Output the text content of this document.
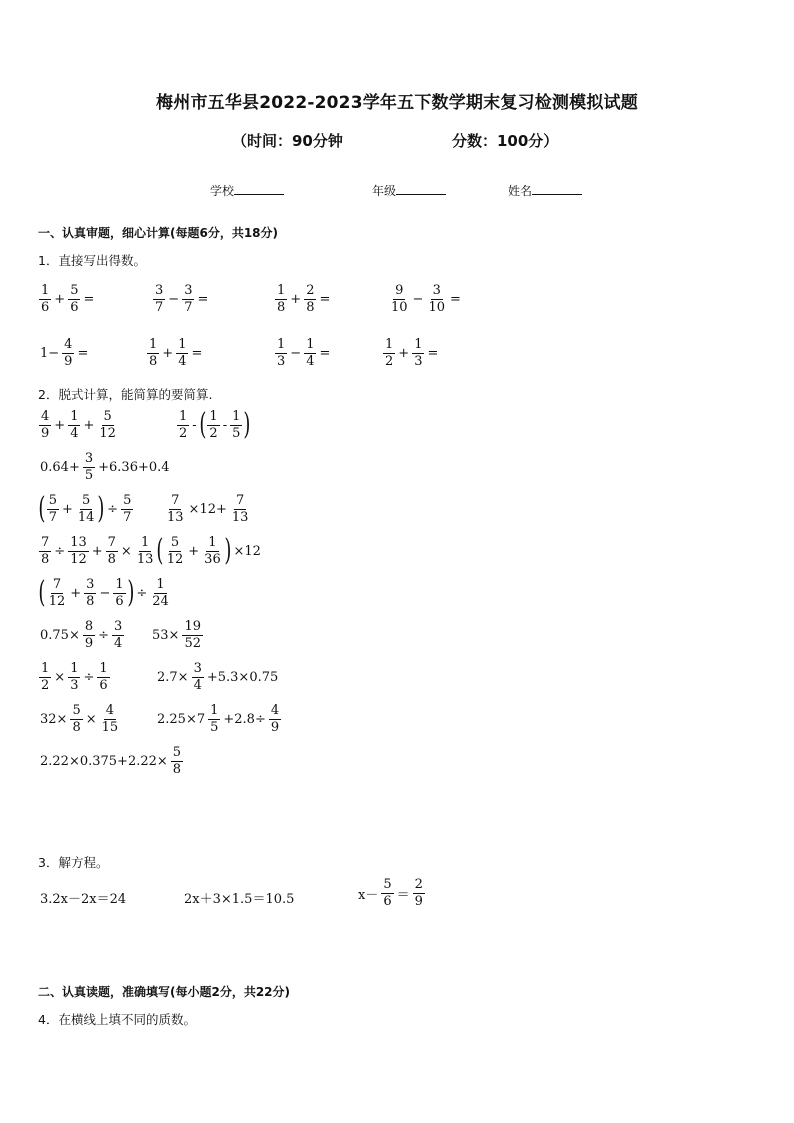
梅州市五华县2022-2023学年五下数学期末复习检测模拟试题
（时间：90分钟	分数：100分）
学校	年级	姓名
一、认真审题，细心计算(每题6分，共18分)
1．直接写出得数。
$\frac{1}{6} + \frac{5}{6}$ =	$\frac{3}{7} - \frac{3}{7}$ =	$\frac{1}{8} + \frac{2}{8}$ =	$\frac{9}{10} - \frac{3}{10}$ =
$1- \frac{4}{9}$ =	$\frac{1}{8} + \frac{1}{4}$ =	$\frac{1}{3} - \frac{1}{4}$ =	$\frac{1}{2} + \frac{1}{3}$ =
2．脱式计算，能简算的要简算.
$\frac{4}{9} + \frac{1}{4} + \frac{5}{12}$	$\frac{1}{2}$ - ( $\frac{1}{2} - \frac{1}{5}$ )
$0.64+ \frac{3}{5} +6.36+0.4$
( $\frac{5}{7} + \frac{5}{14}$ ) ÷ $\frac{5}{7} \frac{7}{13} \times 12+ \frac{7}{13}$
$\frac{7}{8} \div \frac{13}{12} + \frac{7}{8} \times \frac{1}{13}$ ( $\frac{5}{12} + \frac{1}{36}$ ) ×12
( $\frac{7}{12} + \frac{3}{8} - \frac{1}{6}$ ) ÷ $\frac{1}{24}$
$0.75\times \frac{8}{9} \div \frac{3}{4} 53\times \frac{19}{52}$
$\frac{1}{2} \times \frac{1}{3} \div \frac{1}{6}$	$2.7\times \frac{3}{4} +5.3\times 0.75$
$32\times \frac{5}{8} \times \frac{4}{15}$	$2.25\times 7 \frac{1}{5} +2.8\div \frac{4}{9}$
$2.22\times 0.375+2.22\times \frac{5}{8}$
3．解方程。
3.2x－2x＝24	2x＋3×1.5＝10.5	$x- \frac{5}{6} = \frac{2}{9}$
二、认真读题，准确填写(每小题2分，共22分)
4．在横线上填不同的质数。
